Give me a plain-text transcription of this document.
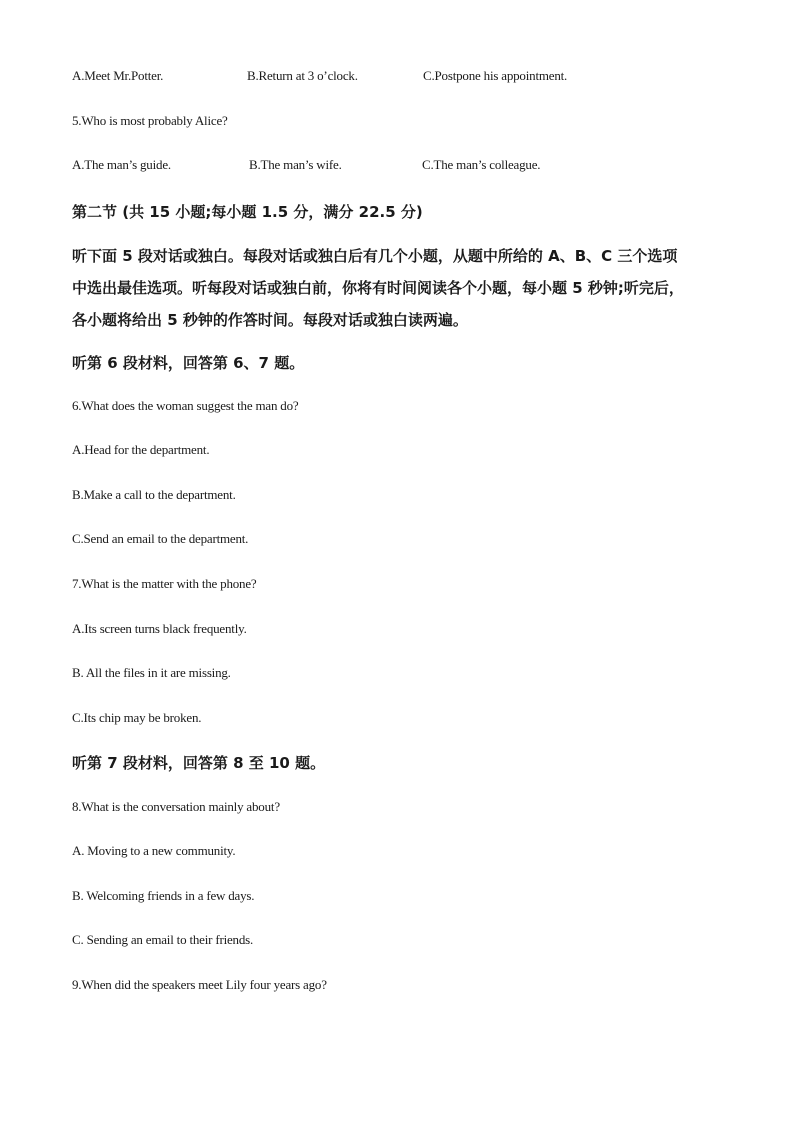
A.Meet Mr.Potter.	B.Return at 3 o’clock.	C.Postpone his appointment.
5.Who is most probably Alice?
A.The man’s guide.	B.The man’s wife.	C.The man’s colleague.
第二节 (共 15 小题;每小题 1.5 分，满分 22.5 分)
听下面 5 段对话或独白。每段对话或独白后有几个小题，从题中所给的 A、B、C 三个选项
中选出最佳选项。听每段对话或独白前，你将有时间阅读各个小题，每小题 5 秒钟;听完后，
各小题将给出 5 秒钟的作答时间。每段对话或独白读两遍。
听第 6 段材料，回答第 6、7 题。
6.What does the woman suggest the man do?
A.Head for the department.
B.Make a call to the department.
C.Send an email to the department.
7.What is the matter with the phone?
A.Its screen turns black frequently.
B. All the files in it are missing.
C.Its chip may be broken.
听第 7 段材料，回答第 8 至 10 题。
8.What is the conversation mainly about?
A. Moving to a new community.
B. Welcoming friends in a few days.
C. Sending an email to their friends.
9.When did the speakers meet Lily four years ago?
